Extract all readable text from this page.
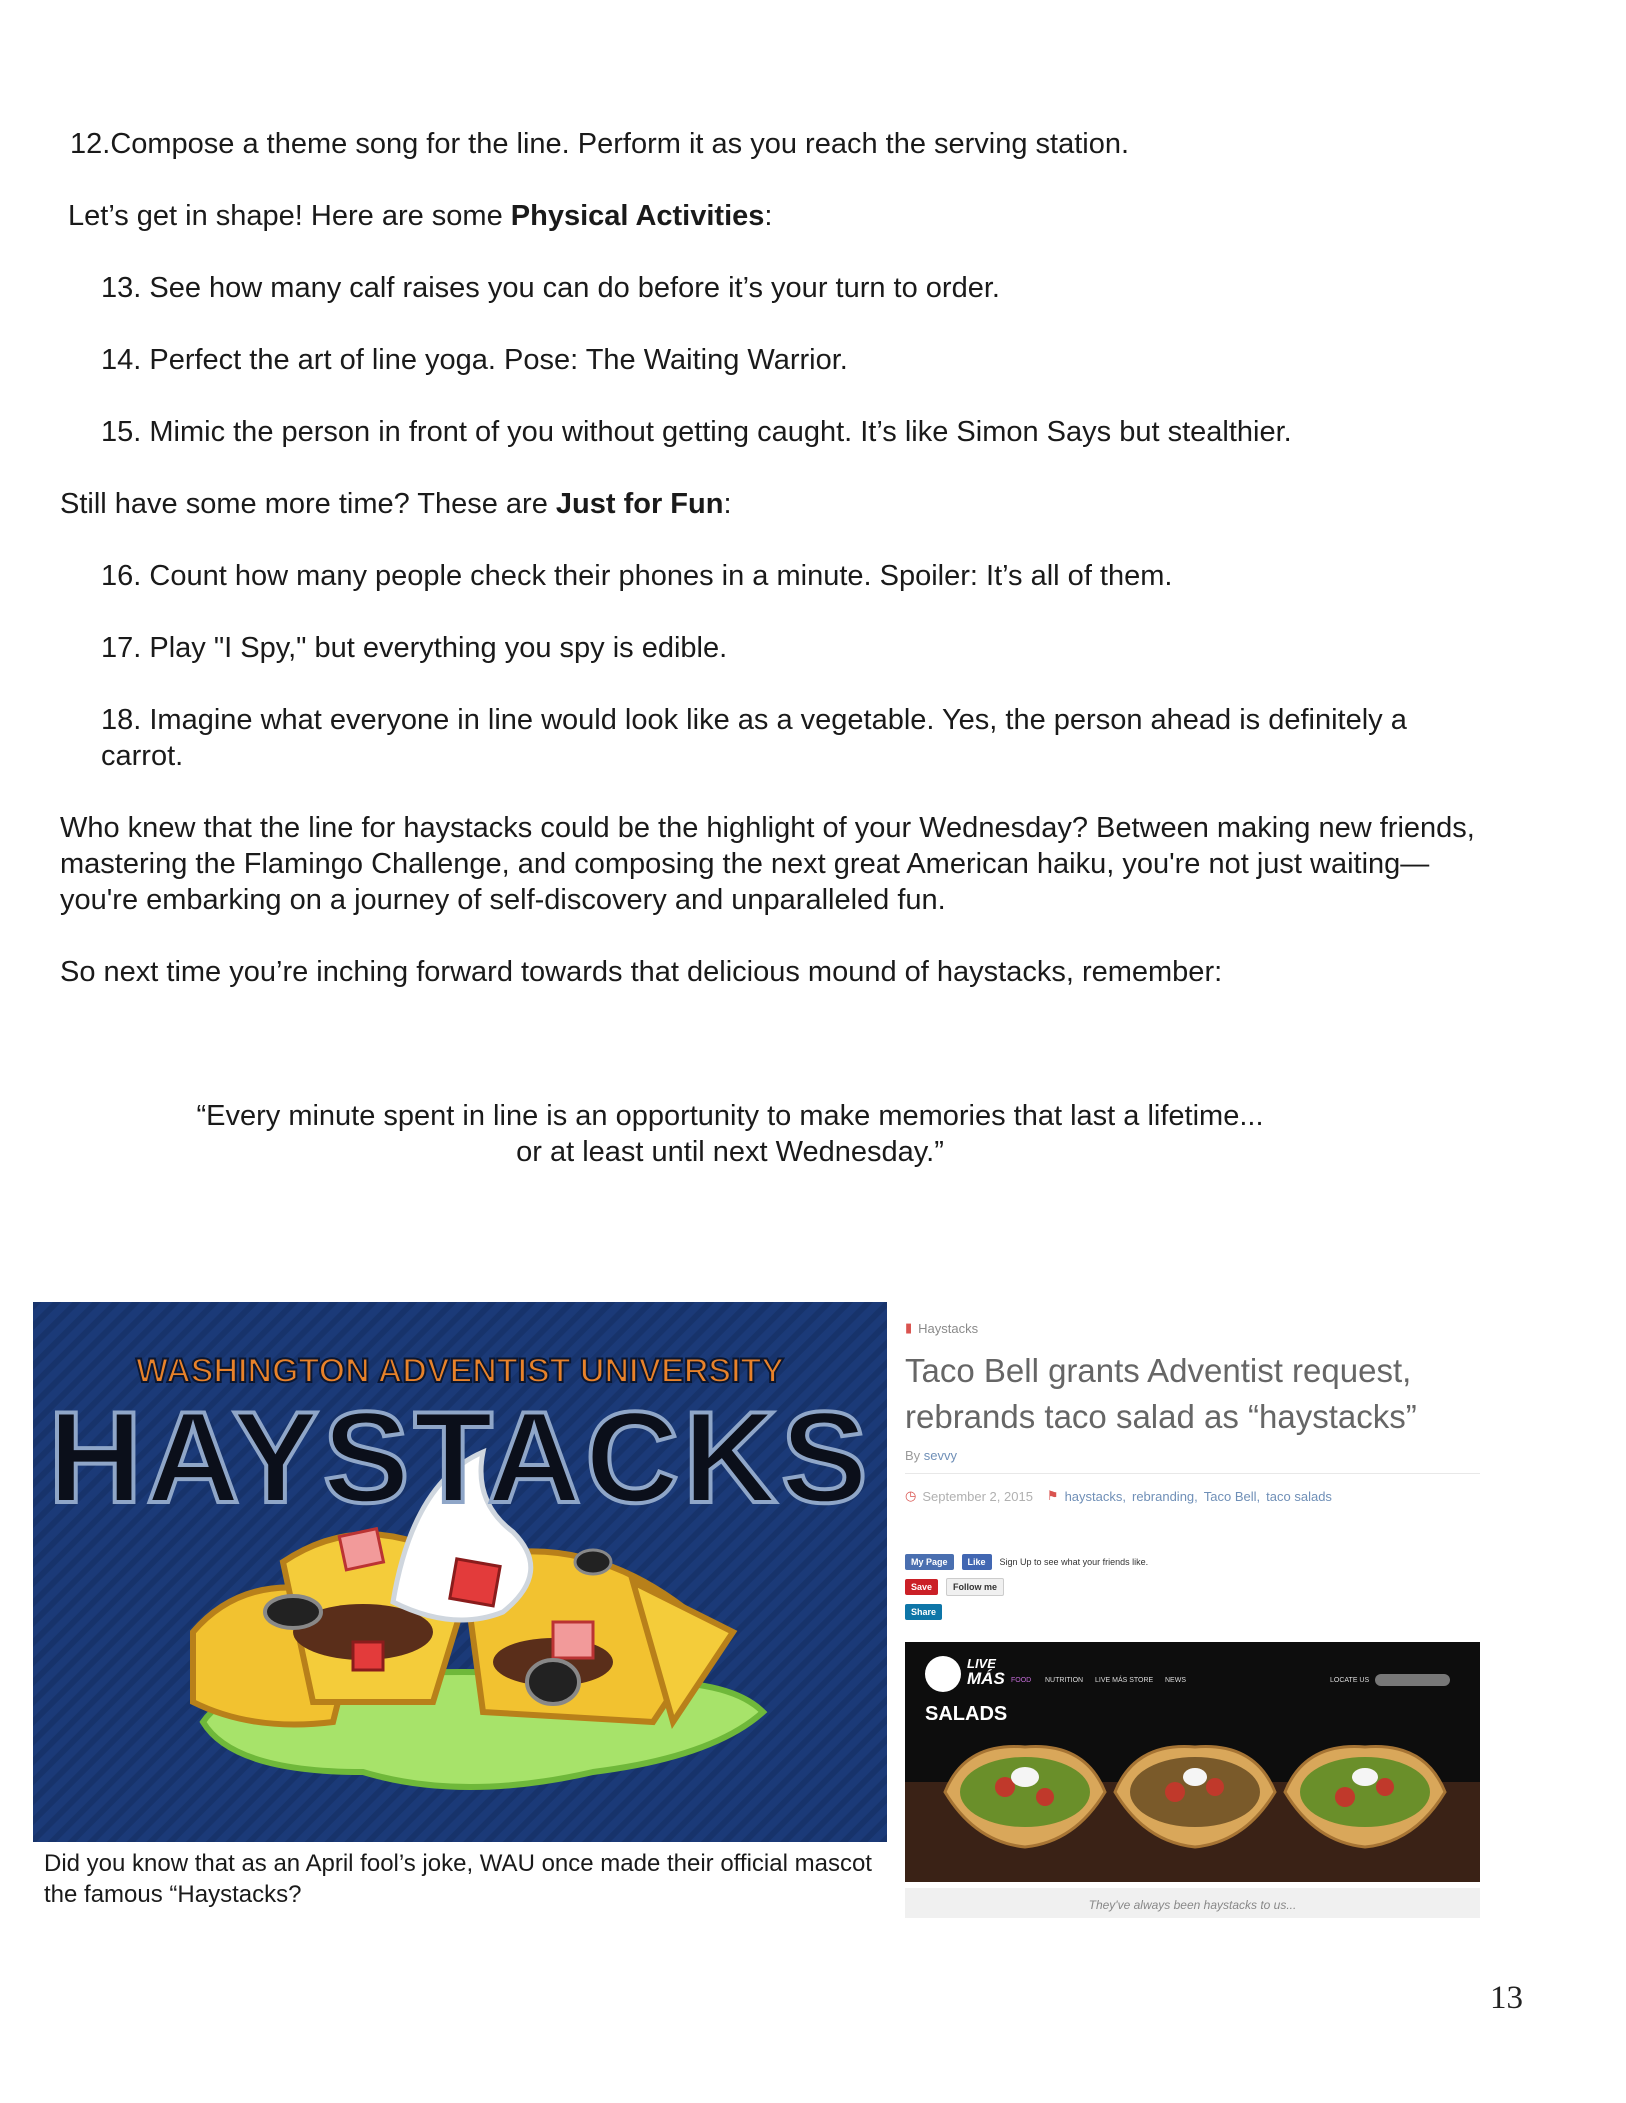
12.Compose a theme song for the line. Perform it as you reach the serving station.

Let’s get in shape! Here are some Physical Activities:

13. See how many calf raises you can do before it’s your turn to order.

14. Perfect the art of line yoga. Pose: The Waiting Warrior.

15. Mimic the person in front of you without getting caught. It’s like Simon Says but stealthier.

Still have some more time? These are Just for Fun:

16. Count how many people check their phones in a minute. Spoiler: It’s all of them.

17. Play "I Spy," but everything you spy is edible.

18. Imagine what everyone in line would look like as a vegetable. Yes, the person ahead is definitely a carrot.

Who knew that the line for haystacks could be the highlight of your Wednesday? Between making new friends, mastering the Flamingo Challenge, and composing the next great American haiku, you're not just waiting—you're embarking on a journey of self-discovery and unparalleled fun.

So next time you’re inching forward towards that delicious mound of haystacks, remember:

“Every minute spent in line is an opportunity to make memories that last a lifetime...
or at least until next Wednesday.”
WASHINGTON ADVENTIST UNIVERSITY
HAYSTACKS

Did you know that as an April fool’s joke, WAU once made their official mascot the famous “Haystacks?

▮ Haystacks
Taco Bell grants Adventist request, rebrands taco salad as “haystacks”
By sevvy
◷ September 2, 2015 ⚑ haystacks, rebranding, Taco Bell, taco salads
My Page	Like	Sign Up to see what your friends like.
Save	Follow me
Share
LIVE
MÁS FOOD NUTRITION LIVE MÁS STORE NEWS	LOCATE US
SALADS
They've always been haystacks to us...
13
